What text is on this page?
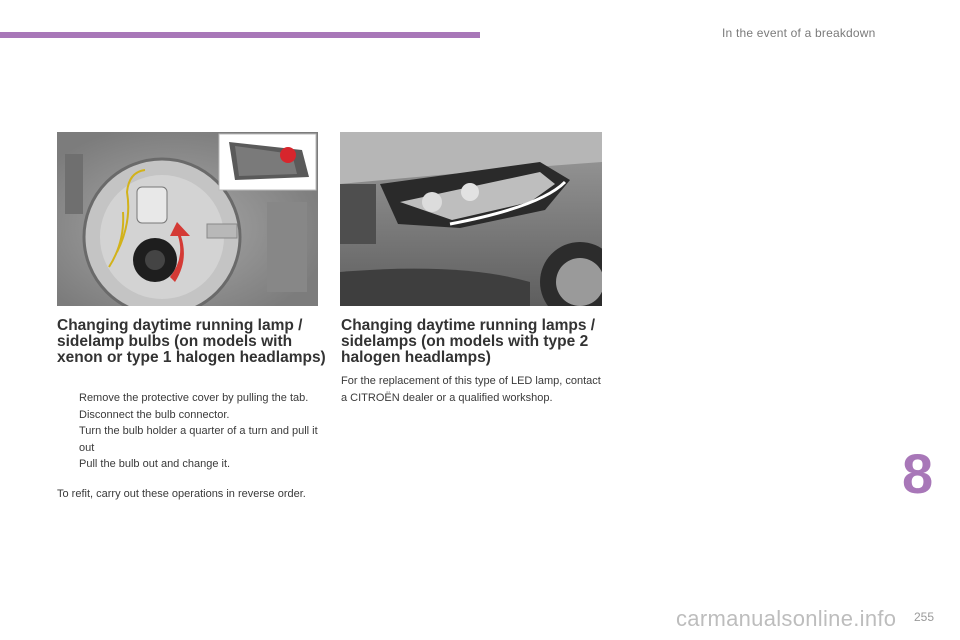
In the event of a breakdown
Changing daytime running lamp / sidelamp bulbs (on models with xenon or type 1 halogen headlamps)
Remove the protective cover by pulling the tab.
Disconnect the bulb connector.
Turn the bulb holder a quarter of a turn and pull it out
Pull the bulb out and change it.

To refit, carry out these operations in reverse order.

Changing daytime running lamps / sidelamps (on models with type 2 halogen headlamps)

For the replacement of this type of LED lamp, contact a CITROËN dealer or a qualified workshop.

8
255
carmanualsonline.info
